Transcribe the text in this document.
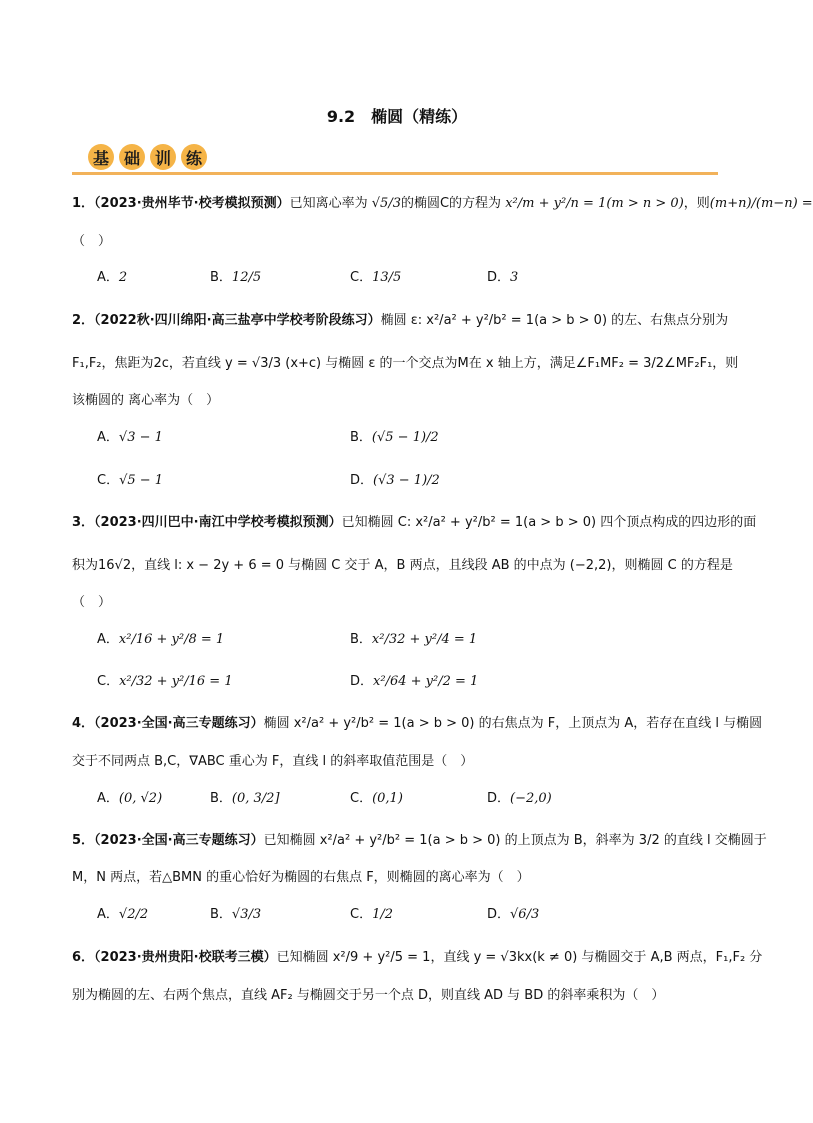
9.2　椭圆（精练）
基 础 训 练
1．（2023·贵州毕节·校考模拟预测）已知离心率为 √5/3的椭圆C的方程为 x²/m + y²/n = 1(m > n > 0)，则(m+n)/(m−n) =
（　）
A．2	B．12/5	C．13/5	D．3
2．（2022秋·四川绵阳·高三盐亭中学校考阶段练习）椭圆 ε: x²/a² + y²/b² = 1(a > b > 0) 的左、右焦点分别为
F₁,F₂，焦距为2c，若直线 y = √3/3 (x+c) 与椭圆 ε 的一个交点为M在 x 轴上方，满足∠F₁MF₂ = 3/2∠MF₂F₁，则
该椭圆的 离心率为（　）
A．√3 − 1	B．(√5 − 1)/2
C．√5 − 1	D．(√3 − 1)/2
3．（2023·四川巴中·南江中学校考模拟预测）已知椭圆 C: x²/a² + y²/b² = 1(a > b > 0) 四个顶点构成的四边形的面
积为16√2，直线 l: x − 2y + 6 = 0 与椭圆 C 交于 A，B 两点，且线段 AB 的中点为 (−2,2)，则椭圆 C 的方程是
（　）
A．x²/16 + y²/8 = 1	B．x²/32 + y²/4 = 1
C．x²/32 + y²/16 = 1	D．x²/64 + y²/2 = 1
4．（2023·全国·高三专题练习）椭圆 x²/a² + y²/b² = 1(a > b > 0) 的右焦点为 F，上顶点为 A，若存在直线 l 与椭圆
交于不同两点 B,C，∇ABC 重心为 F，直线 l 的斜率取值范围是（　）
A．(0, √2)	B．(0, 3/2]	C．(0,1)	D．(−2,0)
5．（2023·全国·高三专题练习）已知椭圆 x²/a² + y²/b² = 1(a > b > 0) 的上顶点为 B，斜率为 3/2 的直线 l 交椭圆于
M，N 两点，若△BMN 的重心恰好为椭圆的右焦点 F，则椭圆的离心率为（　）
A．√2/2	B．√3/3	C．1/2	D．√6/3
6．（2023·贵州贵阳·校联考三模）已知椭圆 x²/9 + y²/5 = 1，直线 y = √3kx(k ≠ 0) 与椭圆交于 A,B 两点，F₁,F₂ 分
别为椭圆的左、右两个焦点，直线 AF₂ 与椭圆交于另一个点 D，则直线 AD 与 BD 的斜率乘积为（　）
